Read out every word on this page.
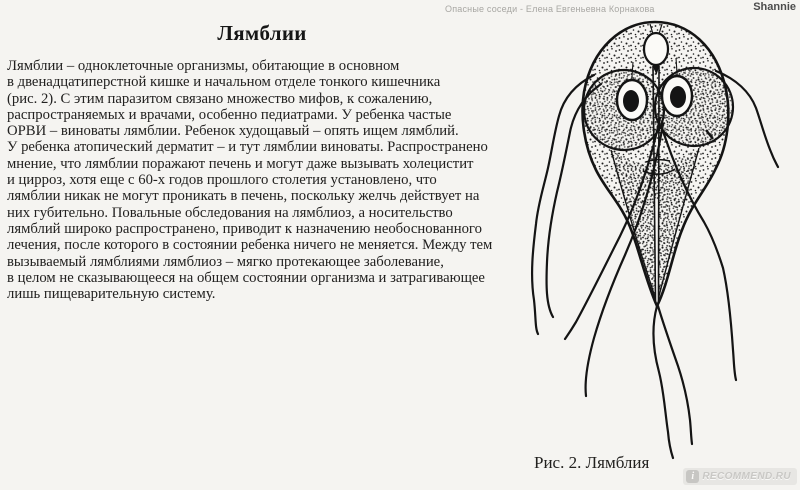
Опасные соседи - Елена Евгеньевна Корнакова	Shannie
Лямблии
Лямблии – одноклеточные организмы, обитающие в основном
в двенадцатиперстной кишке и начальном отделе тонкого кишечника
(рис. 2). С этим паразитом связано множество мифов, к сожалению,
распространяемых и врачами, особенно педиатрами. У ребенка частые
ОРВИ – виноваты лямблии. Ребенок худощавый – опять ищем лямблий.
У ребенка атопический дерматит – и тут лямблии виноваты. Распространено
мнение, что лямблии поражают печень и могут даже вызывать холецистит
и цирроз, хотя еще с 60-х годов прошлого столетия установлено, что
лямблии никак не могут проникать в печень, поскольку желчь действует на
них губительно. Повальные обследования на лямблиоз, а носительство
лямблий широко распространено, приводит к назначению необоснованного
лечения, после которого в состоянии ребенка ничего не меняется. Между тем
вызываемый лямблиями лямблиоз – мягко протекающее заболевание,
в целом не сказывающееся на общем состоянии организма и затрагивающее
лишь пищеварительную систему.
Рис. 2. Лямблия
i RECOMMEND.RU
